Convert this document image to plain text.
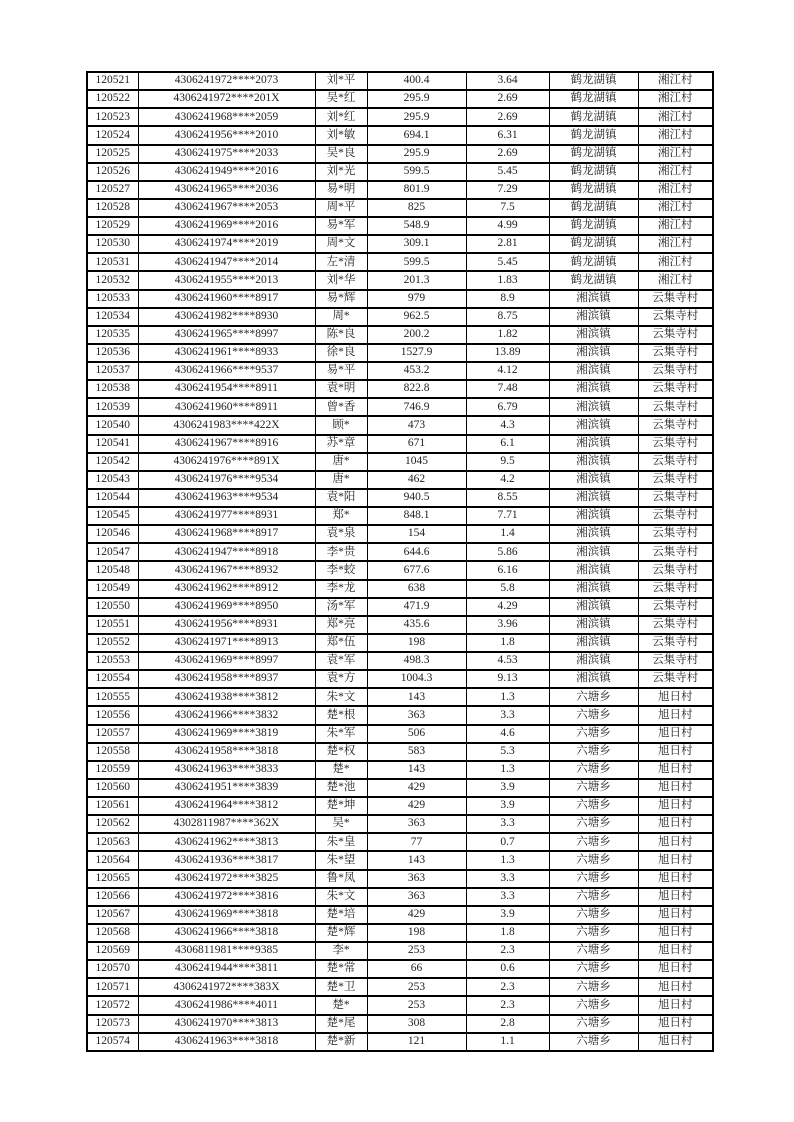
120521	4306241972****2073	刘*平	400.4	3.64	鹤龙湖镇	湘江村
120522	4306241972****201X	吴*红	295.9	2.69	鹤龙湖镇	湘江村
120523	4306241968****2059	刘*红	295.9	2.69	鹤龙湖镇	湘江村
120524	4306241956****2010	刘*敏	694.1	6.31	鹤龙湖镇	湘江村
120525	4306241975****2033	吴*良	295.9	2.69	鹤龙湖镇	湘江村
120526	4306241949****2016	刘*光	599.5	5.45	鹤龙湖镇	湘江村
120527	4306241965****2036	易*明	801.9	7.29	鹤龙湖镇	湘江村
120528	4306241967****2053	周*平	825	7.5	鹤龙湖镇	湘江村
120529	4306241969****2016	易*军	548.9	4.99	鹤龙湖镇	湘江村
120530	4306241974****2019	周*文	309.1	2.81	鹤龙湖镇	湘江村
120531	4306241947****2014	左*清	599.5	5.45	鹤龙湖镇	湘江村
120532	4306241955****2013	刘*华	201.3	1.83	鹤龙湖镇	湘江村
120533	4306241960****8917	易*辉	979	8.9	湘滨镇	云集寺村
120534	4306241982****8930	周*	962.5	8.75	湘滨镇	云集寺村
120535	4306241965****8997	陈*良	200.2	1.82	湘滨镇	云集寺村
120536	4306241961****8933	徐*良	1527.9	13.89	湘滨镇	云集寺村
120537	4306241966****9537	易*平	453.2	4.12	湘滨镇	云集寺村
120538	4306241954****8911	袁*明	822.8	7.48	湘滨镇	云集寺村
120539	4306241960****8911	曾*香	746.9	6.79	湘滨镇	云集寺村
120540	4306241983****422X	顾*	473	4.3	湘滨镇	云集寺村
120541	4306241967****8916	苏*章	671	6.1	湘滨镇	云集寺村
120542	4306241976****891X	唐*	1045	9.5	湘滨镇	云集寺村
120543	4306241976****9534	唐*	462	4.2	湘滨镇	云集寺村
120544	4306241963****9534	袁*阳	940.5	8.55	湘滨镇	云集寺村
120545	4306241977****8931	郑*	848.1	7.71	湘滨镇	云集寺村
120546	4306241968****8917	袁*泉	154	1.4	湘滨镇	云集寺村
120547	4306241947****8918	李*贵	644.6	5.86	湘滨镇	云集寺村
120548	4306241967****8932	李*蛟	677.6	6.16	湘滨镇	云集寺村
120549	4306241962****8912	李*龙	638	5.8	湘滨镇	云集寺村
120550	4306241969****8950	汤*军	471.9	4.29	湘滨镇	云集寺村
120551	4306241956****8931	郑*亮	435.6	3.96	湘滨镇	云集寺村
120552	4306241971****8913	郑*伍	198	1.8	湘滨镇	云集寺村
120553	4306241969****8997	袁*军	498.3	4.53	湘滨镇	云集寺村
120554	4306241958****8937	袁*方	1004.3	9.13	湘滨镇	云集寺村
120555	4306241938****3812	朱*文	143	1.3	六塘乡	旭日村
120556	4306241966****3832	楚*根	363	3.3	六塘乡	旭日村
120557	4306241969****3819	朱*军	506	4.6	六塘乡	旭日村
120558	4306241958****3818	楚*权	583	5.3	六塘乡	旭日村
120559	4306241963****3833	楚*	143	1.3	六塘乡	旭日村
120560	4306241951****3839	楚*池	429	3.9	六塘乡	旭日村
120561	4306241964****3812	楚*坤	429	3.9	六塘乡	旭日村
120562	4302811987****362X	吴*	363	3.3	六塘乡	旭日村
120563	4306241962****3813	朱*皇	77	0.7	六塘乡	旭日村
120564	4306241936****3817	朱*望	143	1.3	六塘乡	旭日村
120565	4306241972****3825	鲁*凤	363	3.3	六塘乡	旭日村
120566	4306241972****3816	朱*文	363	3.3	六塘乡	旭日村
120567	4306241969****3818	楚*培	429	3.9	六塘乡	旭日村
120568	4306241966****3818	楚*辉	198	1.8	六塘乡	旭日村
120569	4306811981****9385	李*	253	2.3	六塘乡	旭日村
120570	4306241944****3811	楚*常	66	0.6	六塘乡	旭日村
120571	4306241972****383X	楚*卫	253	2.3	六塘乡	旭日村
120572	4306241986****4011	楚*	253	2.3	六塘乡	旭日村
120573	4306241970****3813	楚*尾	308	2.8	六塘乡	旭日村
120574	4306241963****3818	楚*新	121	1.1	六塘乡	旭日村
